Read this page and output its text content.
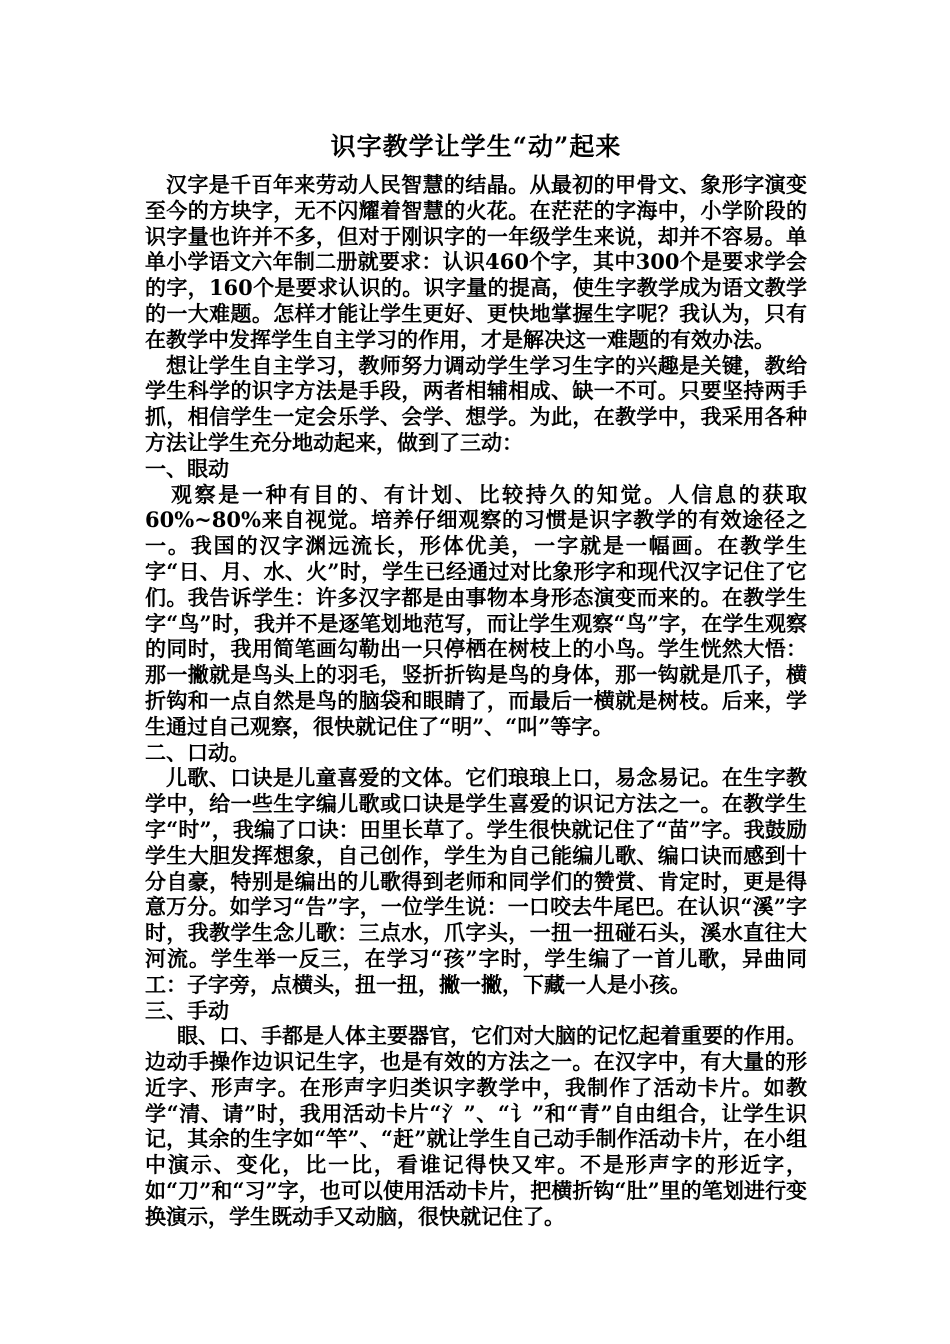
识字教学让学生“动”起来

汉字是千百年来劳动人民智慧的结晶。从最初的甲骨文、象形字演变至今的方块字，无不闪耀着智慧的火花。在茫茫的字海中，小学阶段的识字量也许并不多，但对于刚识字的一年级学生来说，却并不容易。单单小学语文六年制二册就要求：认识460个字，其中300个是要求学会的字，160个是要求认识的。识字量的提高，使生字教学成为语文教学的一大难题。怎样才能让学生更好、更快地掌握生字呢？我认为，只有在教学中发挥学生自主学习的作用，才是解决这一难题的有效办法。

想让学生自主学习，教师努力调动学生学习生字的兴趣是关键，教给学生科学的识字方法是手段，两者相辅相成、缺一不可。只要坚持两手抓，相信学生一定会乐学、会学、想学。为此，在教学中，我采用各种方法让学生充分地动起来，做到了三动：

一、眼动

观察是一种有目的、有计划、比较持久的知觉。人信息的获取60%~80%来自视觉。培养仔细观察的习惯是识字教学的有效途径之一。我国的汉字渊远流长，形体优美，一字就是一幅画。在教学生字“日、月、水、火”时，学生已经通过对比象形字和现代汉字记住了它们。我告诉学生：许多汉字都是由事物本身形态演变而来的。在教学生字“鸟”时，我并不是逐笔划地范写，而让学生观察“鸟”字，在学生观察的同时，我用简笔画勾勒出一只停栖在树枝上的小鸟。学生恍然大悟：那一撇就是鸟头上的羽毛，竖折折钩是鸟的身体，那一钩就是爪子，横折钩和一点自然是鸟的脑袋和眼睛了，而最后一横就是树枝。后来，学生通过自己观察，很快就记住了“明”、“叫”等字。

二、口动。

儿歌、口诀是儿童喜爱的文体。它们琅琅上口，易念易记。在生字教学中，给一些生字编儿歌或口诀是学生喜爱的识记方法之一。在教学生字“时”，我编了口诀：田里长草了。学生很快就记住了“苗”字。我鼓励学生大胆发挥想象，自己创作，学生为自己能编儿歌、编口诀而感到十分自豪，特别是编出的儿歌得到老师和同学们的赞赏、肯定时，更是得意万分。如学习“告”字，一位学生说：一口咬去牛尾巴。在认识“溪”字时，我教学生念儿歌：三点水，爪字头，一扭一扭碰石头，溪水直往大河流。学生举一反三，在学习“孩”字时，学生编了一首儿歌，异曲同工：子字旁，点横头，扭一扭，撇一撇，下藏一人是小孩。

三、手动

眼、口、手都是人体主要器官，它们对大脑的记忆起着重要的作用。边动手操作边识记生字，也是有效的方法之一。在汉字中，有大量的形近字、形声字。在形声字归类识字教学中，我制作了活动卡片。如教学“清、请”时，我用活动卡片“氵”、“讠”和“青”自由组合，让学生识记，其余的生字如“竿”、“赶”就让学生自己动手制作活动卡片，在小组中演示、变化，比一比，看谁记得快又牢。不是形声字的形近字，如“刀”和“习”字，也可以使用活动卡片，把横折钩“肚”里的笔划进行变换演示，学生既动手又动脑，很快就记住了。
